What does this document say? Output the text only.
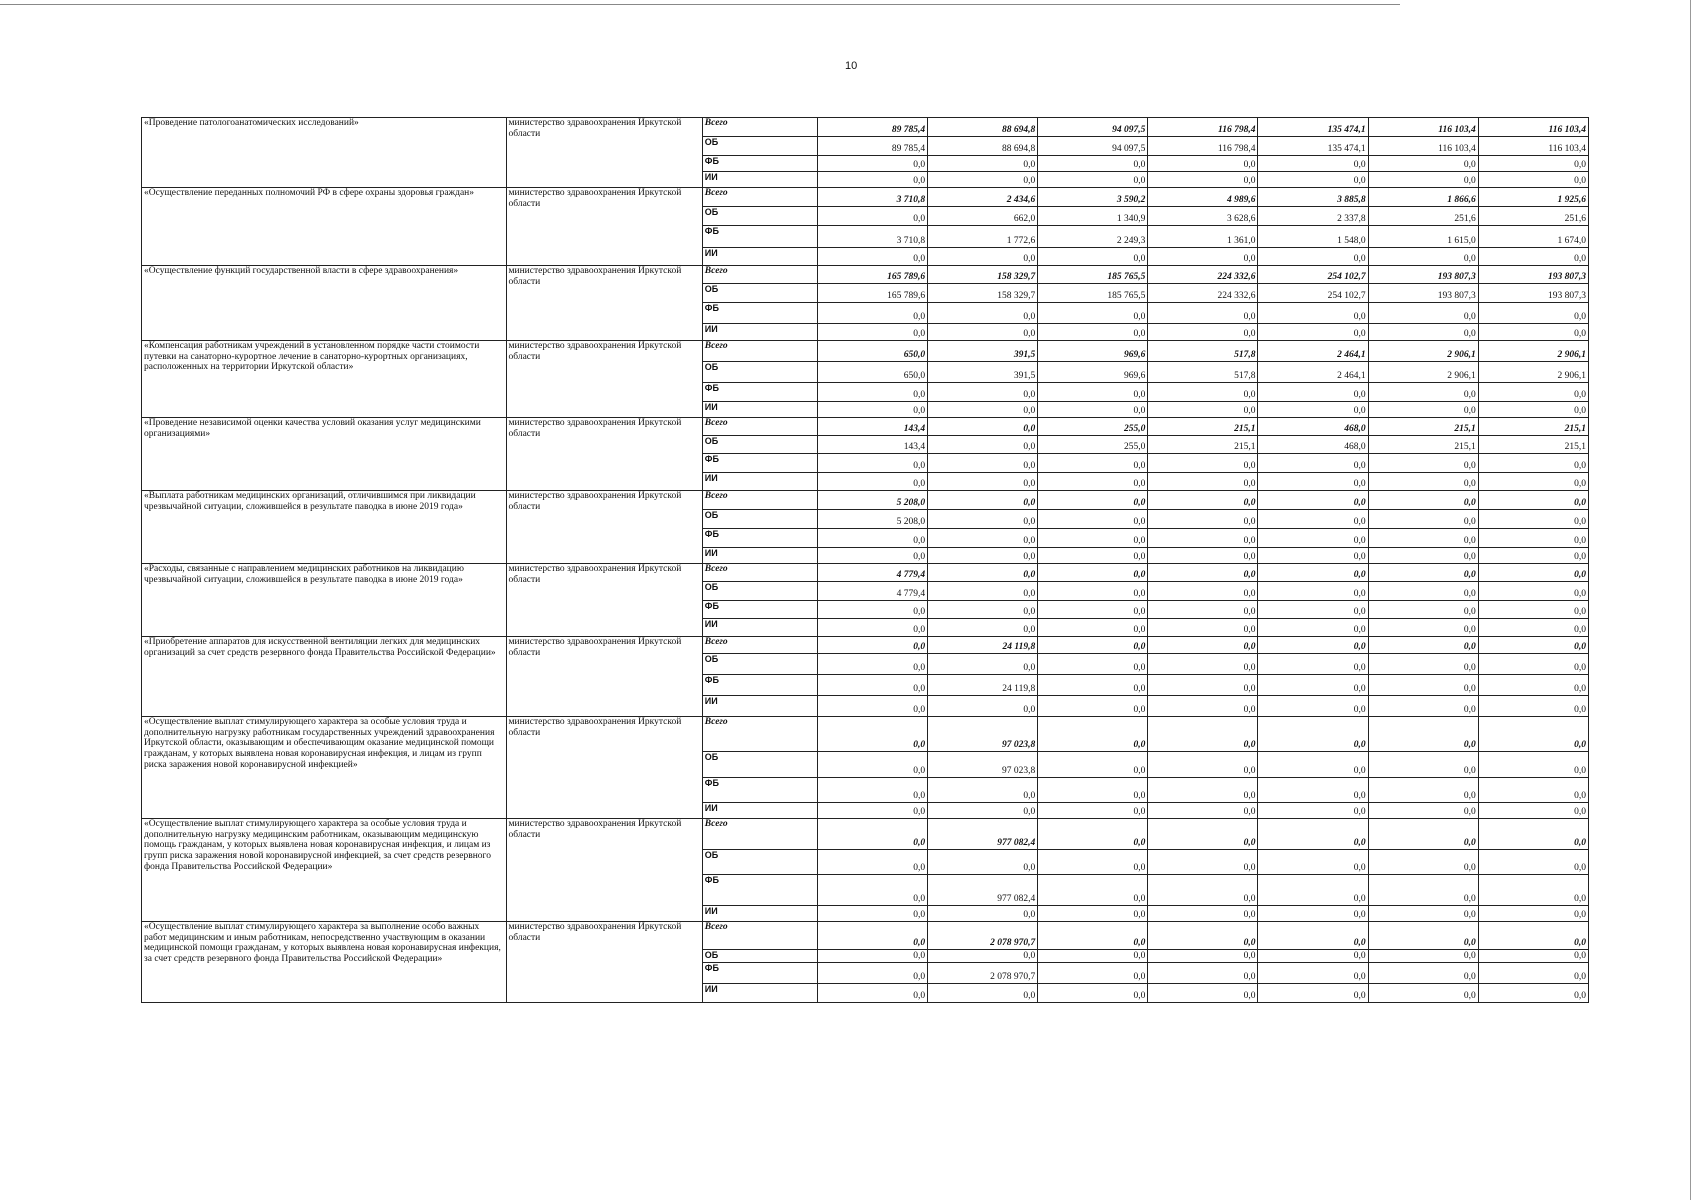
10
«Проведение патологоанатомических исследований»	министерство здравоохранения Иркутской области	Всего	89 785,4	88 694,8	94 097,5	116 798,4	135 474,1	116 103,4	116 103,4
		ОБ	89 785,4	88 694,8	94 097,5	116 798,4	135 474,1	116 103,4	116 103,4
		ФБ	0,0	0,0	0,0	0,0	0,0	0,0	0,0
		ИИ	0,0	0,0	0,0	0,0	0,0	0,0	0,0
«Осуществление переданных полномочий РФ в сфере охраны здоровья граждан»	министерство здравоохранения Иркутской области	Всего	3 710,8	2 434,6	3 590,2	4 989,6	3 885,8	1 866,6	1 925,6
		ОБ	0,0	662,0	1 340,9	3 628,6	2 337,8	251,6	251,6
		ФБ	3 710,8	1 772,6	2 249,3	1 361,0	1 548,0	1 615,0	1 674,0
		ИИ	0,0	0,0	0,0	0,0	0,0	0,0	0,0
«Осуществление функций государственной власти в сфере здравоохранения»	министерство здравоохранения Иркутской области	Всего	165 789,6	158 329,7	185 765,5	224 332,6	254 102,7	193 807,3	193 807,3
		ОБ	165 789,6	158 329,7	185 765,5	224 332,6	254 102,7	193 807,3	193 807,3
		ФБ	0,0	0,0	0,0	0,0	0,0	0,0	0,0
		ИИ	0,0	0,0	0,0	0,0	0,0	0,0	0,0
«Компенсация работникам учреждений в установленном порядке части стоимости путевки на санаторно-курортное лечение в санаторно-курортных организациях, расположенных на территории Иркутской области»	министерство здравоохранения Иркутской области	Всего	650,0	391,5	969,6	517,8	2 464,1	2 906,1	2 906,1
		ОБ	650,0	391,5	969,6	517,8	2 464,1	2 906,1	2 906,1
		ФБ	0,0	0,0	0,0	0,0	0,0	0,0	0,0
		ИИ	0,0	0,0	0,0	0,0	0,0	0,0	0,0
«Проведение независимой оценки качества условий оказания услуг медицинскими организациями»	министерство здравоохранения Иркутской области	Всего	143,4	0,0	255,0	215,1	468,0	215,1	215,1
		ОБ	143,4	0,0	255,0	215,1	468,0	215,1	215,1
		ФБ	0,0	0,0	0,0	0,0	0,0	0,0	0,0
		ИИ	0,0	0,0	0,0	0,0	0,0	0,0	0,0
«Выплата работникам медицинских организаций, отличившимся при ликвидации чрезвычайной ситуации, сложившейся в результате паводка в июне 2019 года»	министерство здравоохранения Иркутской области	Всего	5 208,0	0,0	0,0	0,0	0,0	0,0	0,0
		ОБ	5 208,0	0,0	0,0	0,0	0,0	0,0	0,0
		ФБ	0,0	0,0	0,0	0,0	0,0	0,0	0,0
		ИИ	0,0	0,0	0,0	0,0	0,0	0,0	0,0
«Расходы, связанные с направлением медицинских работников на ликвидацию чрезвычайной ситуации, сложившейся в результате паводка в июне 2019 года»	министерство здравоохранения Иркутской области	Всего	4 779,4	0,0	0,0	0,0	0,0	0,0	0,0
		ОБ	4 779,4	0,0	0,0	0,0	0,0	0,0	0,0
		ФБ	0,0	0,0	0,0	0,0	0,0	0,0	0,0
		ИИ	0,0	0,0	0,0	0,0	0,0	0,0	0,0
«Приобретение аппаратов для искусственной вентиляции легких для медицинских организаций за счет средств резервного фонда Правительства Российской Федерации»	министерство здравоохранения Иркутской области	Всего	0,0	24 119,8	0,0	0,0	0,0	0,0	0,0
		ОБ	0,0	0,0	0,0	0,0	0,0	0,0	0,0
		ФБ	0,0	24 119,8	0,0	0,0	0,0	0,0	0,0
		ИИ	0,0	0,0	0,0	0,0	0,0	0,0	0,0
«Осуществление выплат стимулирующего характера за особые условия труда и дополнительную нагрузку работникам государственных учреждений здравоохранения Иркутской области, оказывающим и обеспечивающим оказание медицинской помощи гражданам, у которых выявлена новая коронавирусная инфекция, и лицам из групп риска заражения новой коронавирусной инфекцией»	министерство здравоохранения Иркутской области	Всего	0,0	97 023,8	0,0	0,0	0,0	0,0	0,0
		ОБ	0,0	97 023,8	0,0	0,0	0,0	0,0	0,0
		ФБ	0,0	0,0	0,0	0,0	0,0	0,0	0,0
		ИИ	0,0	0,0	0,0	0,0	0,0	0,0	0,0
«Осуществление выплат стимулирующего характера за особые условия труда и дополнительную нагрузку медицинским работникам, оказывающим медицинскую помощь гражданам, у которых выявлена новая коронавирусная инфекция, и лицам из групп риска заражения новой коронавирусной инфекцией, за счет средств резервного фонда Правительства Российской Федерации»	министерство здравоохранения Иркутской области	Всего	0,0	977 082,4	0,0	0,0	0,0	0,0	0,0
		ОБ	0,0	0,0	0,0	0,0	0,0	0,0	0,0
		ФБ	0,0	977 082,4	0,0	0,0	0,0	0,0	0,0
		ИИ	0,0	0,0	0,0	0,0	0,0	0,0	0,0
«Осуществление выплат стимулирующего характера за выполнение особо важных работ медицинским и иным работникам, непосредственно участвующим в оказании медицинской помощи гражданам, у которых выявлена новая коронавирусная инфекция, за счет средств резервного фонда Правительства Российской Федерации»	министерство здравоохранения Иркутской области	Всего	0,0	2 078 970,7	0,0	0,0	0,0	0,0	0,0
		ОБ	0,0	0,0	0,0	0,0	0,0	0,0	0,0
		ФБ	0,0	2 078 970,7	0,0	0,0	0,0	0,0	0,0
		ИИ	0,0	0,0	0,0	0,0	0,0	0,0	0,0
